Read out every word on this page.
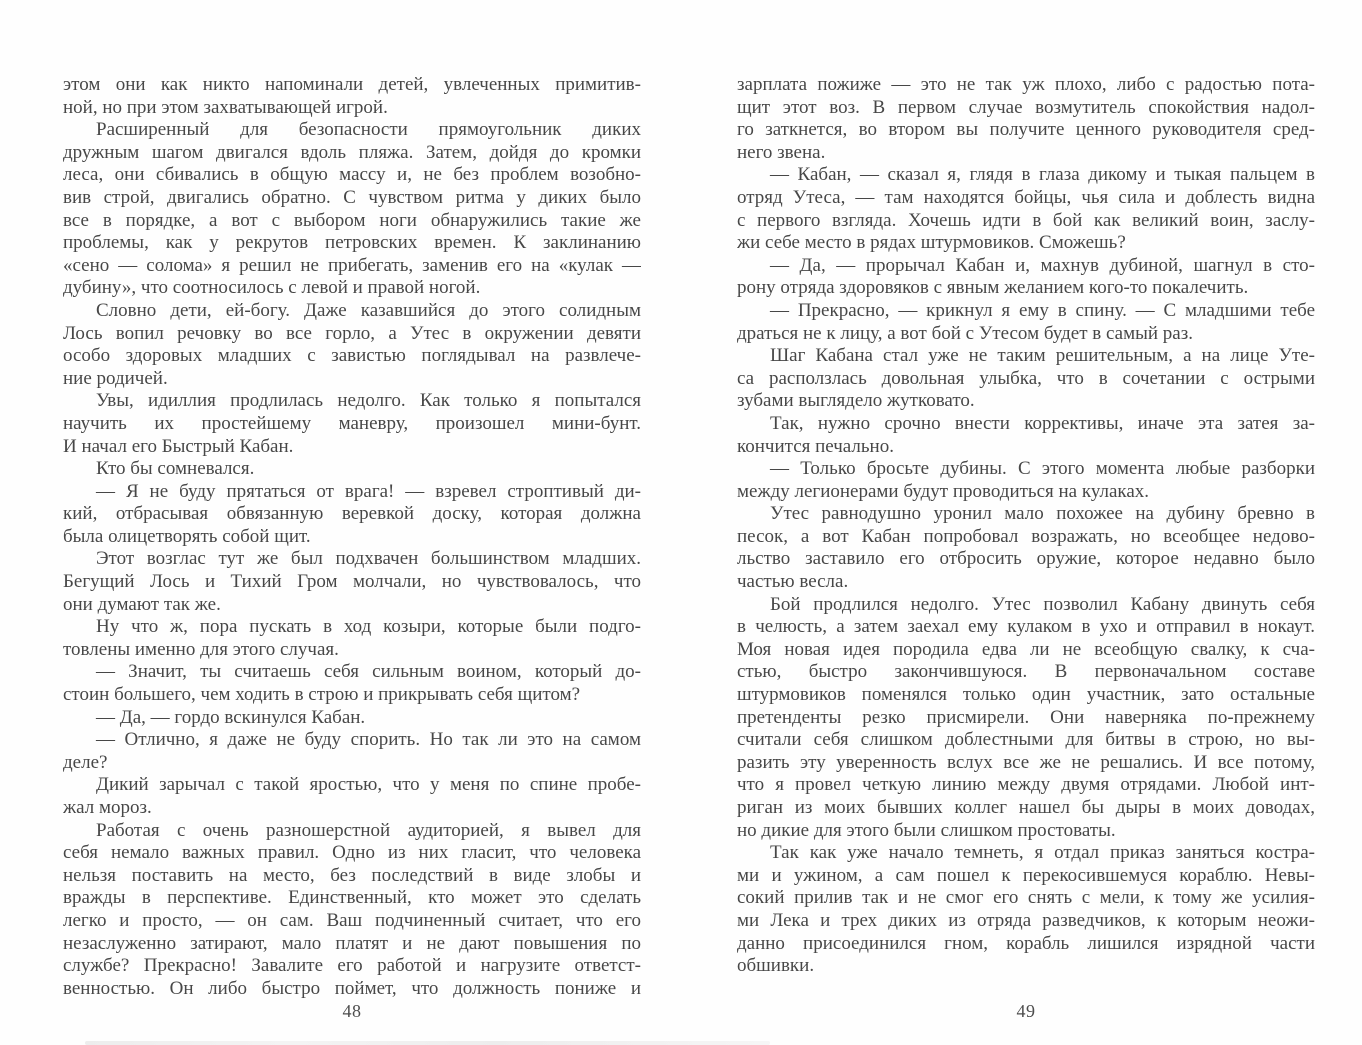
этом они как никто напоминали детей, увлеченных примитив-
ной, но при этом захватывающей игрой.
Расширенный для безопасности прямоугольник диких
дружным шагом двигался вдоль пляжа. Затем, дойдя до кромки
леса, они сбивались в общую массу и, не без проблем возобно-
вив строй, двигались обратно. С чувством ритма у диких было
все в порядке, а вот с выбором ноги обнаружились такие же
проблемы, как у рекрутов петровских времен. К заклинанию
«сено — солома» я решил не прибегать, заменив его на «кулак —
дубину», что соотносилось с левой и правой ногой.
Словно дети, ей-богу. Даже казавшийся до этого солидным
Лось вопил речовку во все горло, а Утес в окружении девяти
особо здоровых младших с завистью поглядывал на развлече-
ние родичей.
Увы, идиллия продлилась недолго. Как только я попытался
научить их простейшему маневру, произошел мини-бунт.
И начал его Быстрый Кабан.
Кто бы сомневался.
— Я не буду прятаться от врага! — взревел строптивый ди-
кий, отбрасывая обвязанную веревкой доску, которая должна
была олицетворять собой щит.
Этот возглас тут же был подхвачен большинством младших.
Бегущий Лось и Тихий Гром молчали, но чувствовалось, что
они думают так же.
Ну что ж, пора пускать в ход козыри, которые были подго-
товлены именно для этого случая.
— Значит, ты считаешь себя сильным воином, который до-
стоин большего, чем ходить в строю и прикрывать себя щитом?
— Да, — гордо вскинулся Кабан.
— Отлично, я даже не буду спорить. Но так ли это на самом
деле?
Дикий зарычал с такой яростью, что у меня по спине пробе-
жал мороз.
Работая с очень разношерстной аудиторией, я вывел для
себя немало важных правил. Одно из них гласит, что человека
нельзя поставить на место, без последствий в виде злобы и
вражды в перспективе. Единственный, кто может это сделать
легко и просто, — он сам. Ваш подчиненный считает, что его
незаслуженно затирают, мало платят и не дают повышения по
службе? Прекрасно! Завалите его работой и нагрузите ответст-
венностью. Он либо быстро поймет, что должность пониже и
зарплата пожиже — это не так уж плохо, либо с радостью пота-
щит этот воз. В первом случае возмутитель спокойствия надол-
го заткнется, во втором вы получите ценного руководителя сред-
него звена.
— Кабан, — сказал я, глядя в глаза дикому и тыкая пальцем в
отряд Утеса, — там находятся бойцы, чья сила и доблесть видна
с первого взгляда. Хочешь идти в бой как великий воин, заслу-
жи себе место в рядах штурмовиков. Сможешь?
— Да, — прорычал Кабан и, махнув дубиной, шагнул в сто-
рону отряда здоровяков с явным желанием кого-то покалечить.
— Прекрасно, — крикнул я ему в спину. — С младшими тебе
драться не к лицу, а вот бой с Утесом будет в самый раз.
Шаг Кабана стал уже не таким решительным, а на лице Уте-
са расползлась довольная улыбка, что в сочетании с острыми
зубами выглядело жутковато.
Так, нужно срочно внести коррективы, иначе эта затея за-
кончится печально.
— Только бросьте дубины. С этого момента любые разборки
между легионерами будут проводиться на кулаках.
Утес равнодушно уронил мало похожее на дубину бревно в
песок, а вот Кабан попробовал возражать, но всеобщее недово-
льство заставило его отбросить оружие, которое недавно было
частью весла.
Бой продлился недолго. Утес позволил Кабану двинуть себя
в челюсть, а затем заехал ему кулаком в ухо и отправил в нокаут.
Моя новая идея породила едва ли не всеобщую свалку, к сча-
стью, быстро закончившуюся. В первоначальном составе
штурмовиков поменялся только один участник, зато остальные
претенденты резко присмирели. Они наверняка по-прежнему
считали себя слишком доблестными для битвы в строю, но вы-
разить эту уверенность вслух все же не решались. И все потому,
что я провел четкую линию между двумя отрядами. Любой инт-
риган из моих бывших коллег нашел бы дыры в моих доводах,
но дикие для этого были слишком простоваты.
Так как уже начало темнеть, я отдал приказ заняться костра-
ми и ужином, а сам пошел к перекосившемуся кораблю. Невы-
сокий прилив так и не смог его снять с мели, к тому же усилия-
ми Лека и трех диких из отряда разведчиков, к которым неожи-
данно присоединился гном, корабль лишился изрядной части
обшивки.
48	49
